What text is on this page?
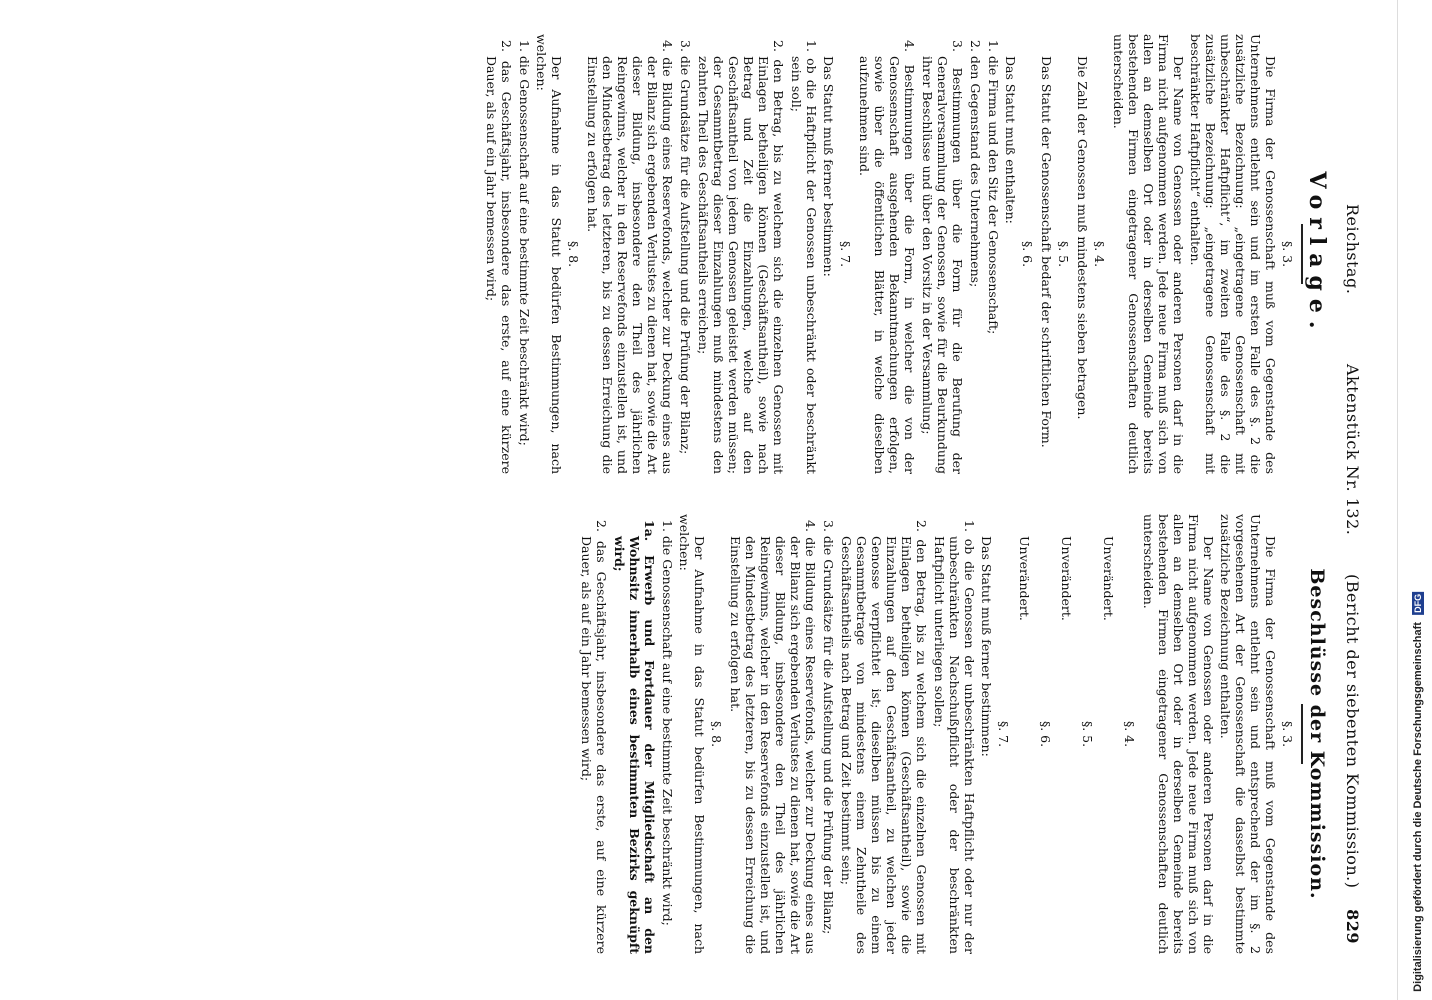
Reichstag.
Aktenstück Nr. 132.
(Bericht der siebenten Kommission.)
829
Vorlage.
§. 3.

Die Firma der Genossenschaft muß vom Gegenstande des Unternehmens entlehnt sein und im ersten Falle des §. 2 die zusätzliche Bezeichnung: „eingetragene Genossenschaft mit unbeschränkter Haftpflicht“, im zweiten Falle des §. 2 die zusätzliche Bezeichnung: „eingetragene Genossenschaft mit beschränkter Haftpflicht“ enthalten.

Der Name von Genossen oder anderen Personen darf in die Firma nicht aufgenommen werden. Jede neue Firma muß sich von allen an demselben Ort oder in derselben Gemeinde bereits bestehenden Firmen eingetragener Genossenschaften deutlich unterscheiden.

§. 4.

Die Zahl der Genossen muß mindestens sieben betragen.

§. 5.

Das Statut der Genossenschaft bedarf der schriftlichen Form.

§. 6.

Das Statut muß enthalten:

1. die Firma und den Sitz der Genossenschaft;
2. den Gegenstand des Unternehmens;
3. Bestimmungen über die Form für die Berufung der Generalversammlung der Genossen, sowie für die Beurkundung ihrer Beschlüsse und über den Vorsitz in der Versammlung;
4. Bestimmungen über die Form, in welcher die von der Genossenschaft ausgehenden Bekanntmachungen erfolgen, sowie über die öffentlichen Blätter, in welche dieselben aufzunehmen sind.
§. 7.

Das Statut muß ferner bestimmen:

1. ob die Haftpflicht der Genossen unbeschränkt oder beschränkt sein soll;
2. den Betrag, bis zu welchem sich die einzelnen Genossen mit Einlagen betheiligen können (Geschäftsantheil), sowie nach Betrag und Zeit die Einzahlungen, welche auf den Geschäftsantheil von jedem Genossen geleistet werden müssen; der Gesammtbetrag dieser Einzahlungen muß mindestens den zehnten Theil des Geschäftsantheils erreichen;
3. die Grundsätze für die Aufstellung und die Prüfung der Bilanz;
4. die Bildung eines Reservefonds, welcher zur Deckung eines aus der Bilanz sich ergebenden Verlustes zu dienen hat, sowie die Art dieser Bildung, insbesondere den Theil des jährlichen Reingewinns, welcher in den Reservefonds einzustellen ist, und den Mindestbetrag des letzteren, bis zu dessen Erreichung die Einstellung zu erfolgen hat.
§. 8.

Der Aufnahme in das Statut bedürfen Bestimmungen, nach welchen:

1. die Genossenschaft auf eine bestimmte Zeit beschränkt wird;
2. das Geschäftsjahr, insbesondere das erste, auf eine kürzere Dauer, als auf ein Jahr bemessen wird;
Beschlüsse der Kommission.
§. 3.

Die Firma der Genossenschaft muß vom Gegenstande des Unternehmens entlehnt sein und entsprechend der im §. 2 vorgesehenen Art der Genossenschaft die dasselbst bestimmte zusätzliche Bezeichnung enthalten.

Der Name von Genossen oder anderen Personen darf in die Firma nicht aufgenommen werden. Jede neue Firma muß sich von allen an demselben Ort oder in derselben Gemeinde bereits bestehenden Firmen eingetragener Genossenschaften deutlich unterscheiden.

§. 4.
Unverändert.
§. 5.
Unverändert.
§. 6.
Unverändert.
§. 7.

Das Statut muß ferner bestimmen:

1. ob die Genossen der unbeschränkten Haftpflicht oder nur der unbeschränkten Nachschußpflicht oder der beschränkten Haftpflicht unterliegen sollen;
2. den Betrag, bis zu welchem sich die einzelnen Genossen mit Einlagen betheiligen können (Geschäftsantheil), sowie die Einzahlungen auf den Geschäftsantheil, zu welchen jeder Genosse verpflichtet ist; dieselben müssen bis zu einem Gesammtbetrage von mindestens einem Zehntheile des Geschäftsantheils nach Betrag und Zeit bestimmt sein;
3. die Grundsätze für die Aufstellung und die Prüfung der Bilanz;
4. die Bildung eines Reservefonds, welcher zur Deckung eines aus der Bilanz sich ergebenden Verlustes zu dienen hat, sowie die Art dieser Bildung, insbesondere den Theil des jährlichen Reingewinns, welcher in den Reservefonds einzustellen ist, und den Mindestbetrag des letzteren, bis zu dessen Erreichung die Einstellung zu erfolgen hat.
§. 8.

Der Aufnahme in das Statut bedürfen Bestimmungen, nach welchen:

1. die Genossenschaft auf eine bestimmte Zeit beschränkt wird;
1a. Erwerb und Fortdauer der Mitgliedschaft an den Wohnsitz innerhalb eines bestimmten Bezirks geknüpft wird;
2. das Geschäftsjahr, insbesondere das erste, auf eine kürzere Dauer, als auf ein Jahr bemessen wird;	Digitalisierung gefördert durch die Deutsche Forschungsgemeinschaft DFG
